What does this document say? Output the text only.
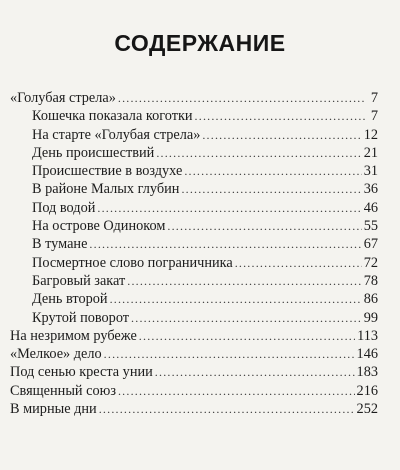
СОДЕРЖАНИЕ
«Голубая стрела» .....	7
Кошечка показала коготки .....	7
На старте «Голубая стрела» .....	12
День происшествий .....	21
Происшествие в воздухе .....	31
В районе Малых глубин .....	36
Под водой .....	46
На острове Одиноком .....	55
В тумане .....	67
Посмертное слово пограничника .....	72
Багровый закат .....	78
День второй .....	86
Крутой поворот .....	99
На незримом рубеже .....	113
«Мелкое» дело .....	146
Под сенью креста унии .....	183
Священный союз .....	216
В мирные дни .....	252
